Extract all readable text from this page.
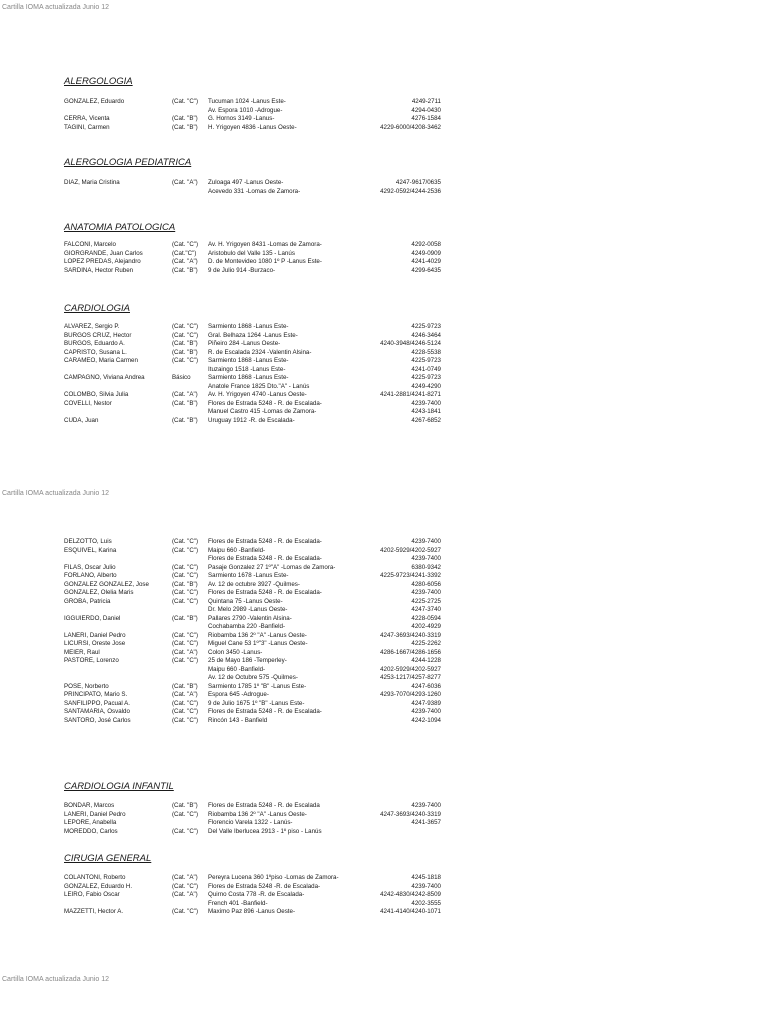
Cartilla IOMA actualizada Junio 12
Cartilla IOMA actualizada Junio 12
Cartilla IOMA actualizada Junio 12
ALERGOLOGIA
ALERGOLOGIA PEDIATRICA
ANATOMIA PATOLOGICA
CARDIOLOGIA
CARDIOLOGIA INFANTIL
CIRUGIA GENERAL
GONZALEZ, Eduardo	(Cat. "C")	Tucuman 1024 -Lanus Este-	4249-2711
Av. Espora 1010 -Adrogue-	4294-0430
CERRA, Vicenta	(Cat. "B")	G. Hornos 3149 -Lanus-	4276-1584
TAGINI, Carmen	(Cat. "B")	H. Yrigoyen 4836 -Lanus Oeste-	4229-6000/4208-3462
DIAZ, Maria Cristina	(Cat. "A")	Zuloaga 497 -Lanus Oeste-	4247-9617/0635
Acevedo 331 -Lomas de Zamora-	4292-0592/4244-2536
FALCONI, Marcelo	(Cat. "C")	Av. H. Yrigoyen 8431 -Lomas de Zamora-	4292-0058
GIORGRANDE, Juan Carlos	(Cat."C")	Aristobulo del Valle 135 - Lanús	4249-0909
LOPEZ PREDAS, Alejandro	(Cat. "A")	D. de Montevideo 1080 1º P -Lanus Este-	4241-4029
SARDINA, Hector Ruben	(Cat. "B")	9 de Julio 914 -Burzaco-	4299-6435
ALVAREZ, Sergio P.	(Cat. "C")	Sarmiento 1868 -Lanus Este-	4225-9723
BURGOS CRUZ, Hector	(Cat. "C")	Gral. Belhaza 1264 -Lanus Este-	4246-3464
BURGOS, Eduardo A.	(Cat. "B")	Piñeiro 284 -Lanus Oeste-	4240-3948/4246-5124
CAPRISTO, Susana L.	(Cat. "B")	R. de Escalada 2324 -Valentin Alsina-	4228-5538
CARAMEO, Maria Carmen	(Cat. "C")	Sarmiento 1868 -Lanus Este-	4225-9723
Ituzaingo 1518 -Lanus Este-	4241-0749
CAMPAGNO, Viviana Andrea	Básico	Sarmiento 1868 -Lanus Este-	4225-9723
Anatole France 1825 Dto."A" - Lanús	4249-4290
COLOMBO, Silvia Julia	(Cat. "A")	Av. H. Yrigoyen 4740 -Lanus Oeste-	4241-2881/4241-8271
COVELLI, Nestor	(Cat. "B")	Flores de Estrada 5248 - R. de Escalada-	4239-7400
Manuel Castro 415 -Lomas de Zamora-	4243-1841
CUDA, Juan	(Cat. "B")	Uruguay 1912 -R. de Escalada-	4267-6852
DELZOTTO, Luis	(Cat. "C")	Flores de Estrada 5248 - R. de Escalada-	4239-7400
ESQUIVEL, Karina	(Cat. "C")	Maipu 660 -Banfield-	4202-5929/4202-5927
Flores de Estrada 5248 - R. de Escalada-	4239-7400
FILAS, Oscar Julio	(Cat. "C")	Pasaje Gonzalez 27 1º"A" -Lomas de Zamora-	6380-9342
FORLANO, Alberto	(Cat. "C")	Sarmiento 1678 -Lanus Este-	4225-9723/4241-3392
GONZALEZ GONZALEZ, Jose	(Cat. "B")	Av. 12 de octubre 3927 -Quilmes-	4280-6056
GONZALEZ, Olelia Maris	(Cat. "C")	Flores de Estrada 5248 - R. de Escalada-	4239-7400
GROBA, Patricia	(Cat. "C")	Quintana 75 -Lanus Oeste-	4225-2725
Dr. Melo 2989 -Lanus Oeste-	4247-3740
IGGUIERDO, Daniel	(Cat. "B")	Pallares 2790 -Valentin Alsina-	4228-0594
Cochabamba 220 -Banfield-	4202-4929
LANERI, Daniel Pedro	(Cat. "C")	Riobamba 136 2º "A" -Lanus Oeste-	4247-3693/4240-3319
LICURSI, Oreste Jose	(Cat. "C")	Miguel Cane 53 1º"3" -Lanus Oeste-	4225-2262
MEIER, Raul	(Cat. "A")	Colon 3450 -Lanus-	4286-1667/4286-1656
PASTORE, Lorenzo	(Cat. "C")	25 de Mayo 186 -Temperley-	4244-1228
Maipu 660 -Banfield-	4202-5929/4202-5927
Av. 12 de Octubre 575 -Quilmes-	4253-1217/4257-8277
POSE, Norberto	(Cat. "B")	Sarmiento 1785 1º "B" -Lanus Este-	4247-6036
PRINCIPATO, Mario S.	(Cat. "A")	Espora 645 -Adrogue-	4293-7070/4293-1260
SANFILIPPO, Pacual A.	(Cat. "C")	9 de Julio 1675 1º "B" -Lanus Este-	4247-9389
SANTAMARIA, Osvaldo	(Cat. "C")	Flores de Estrada 5248 - R. de Escalada-	4239-7400
SANTORO, José Carlos	(Cat. "C")	Rincón 143 - Banfield	4242-1094
BONDAR, Marcos	(Cat. "B")	Flores de Estrada 5248 - R. de Escalada	4239-7400
LANERI, Daniel Pedro	(Cat. "C")	Riobamba 136 2º "A" -Lanus Oeste-	4247-3693/4240-3319
LEPORE, Anabella	Florencio Varela 1322 - Lanús-	4241-3657
MOREDDO, Carlos	(Cat. "C")	Del Valle Iberlucea 2913 - 1º piso - Lanús
COLANTONI, Roberto	(Cat. "A")	Pereyra Lucena 360 1ºpiso -Lomas de Zamora-	4245-1818
GONZALEZ, Eduardo H.	(Cat. "C")	Flores de Estrada 5248 -R. de Escalada-	4239-7400
LEIRO, Fabio Oscar	(Cat. "A")	Quirno Costa 778 -R. de Escalada-	4242-4830/4242-8509
French 401 -Banfield-	4202-3555
MAZZETTI, Hector A.	(Cat. "C")	Maximo Paz 896 -Lanus Oeste-	4241-4140/4240-1071
